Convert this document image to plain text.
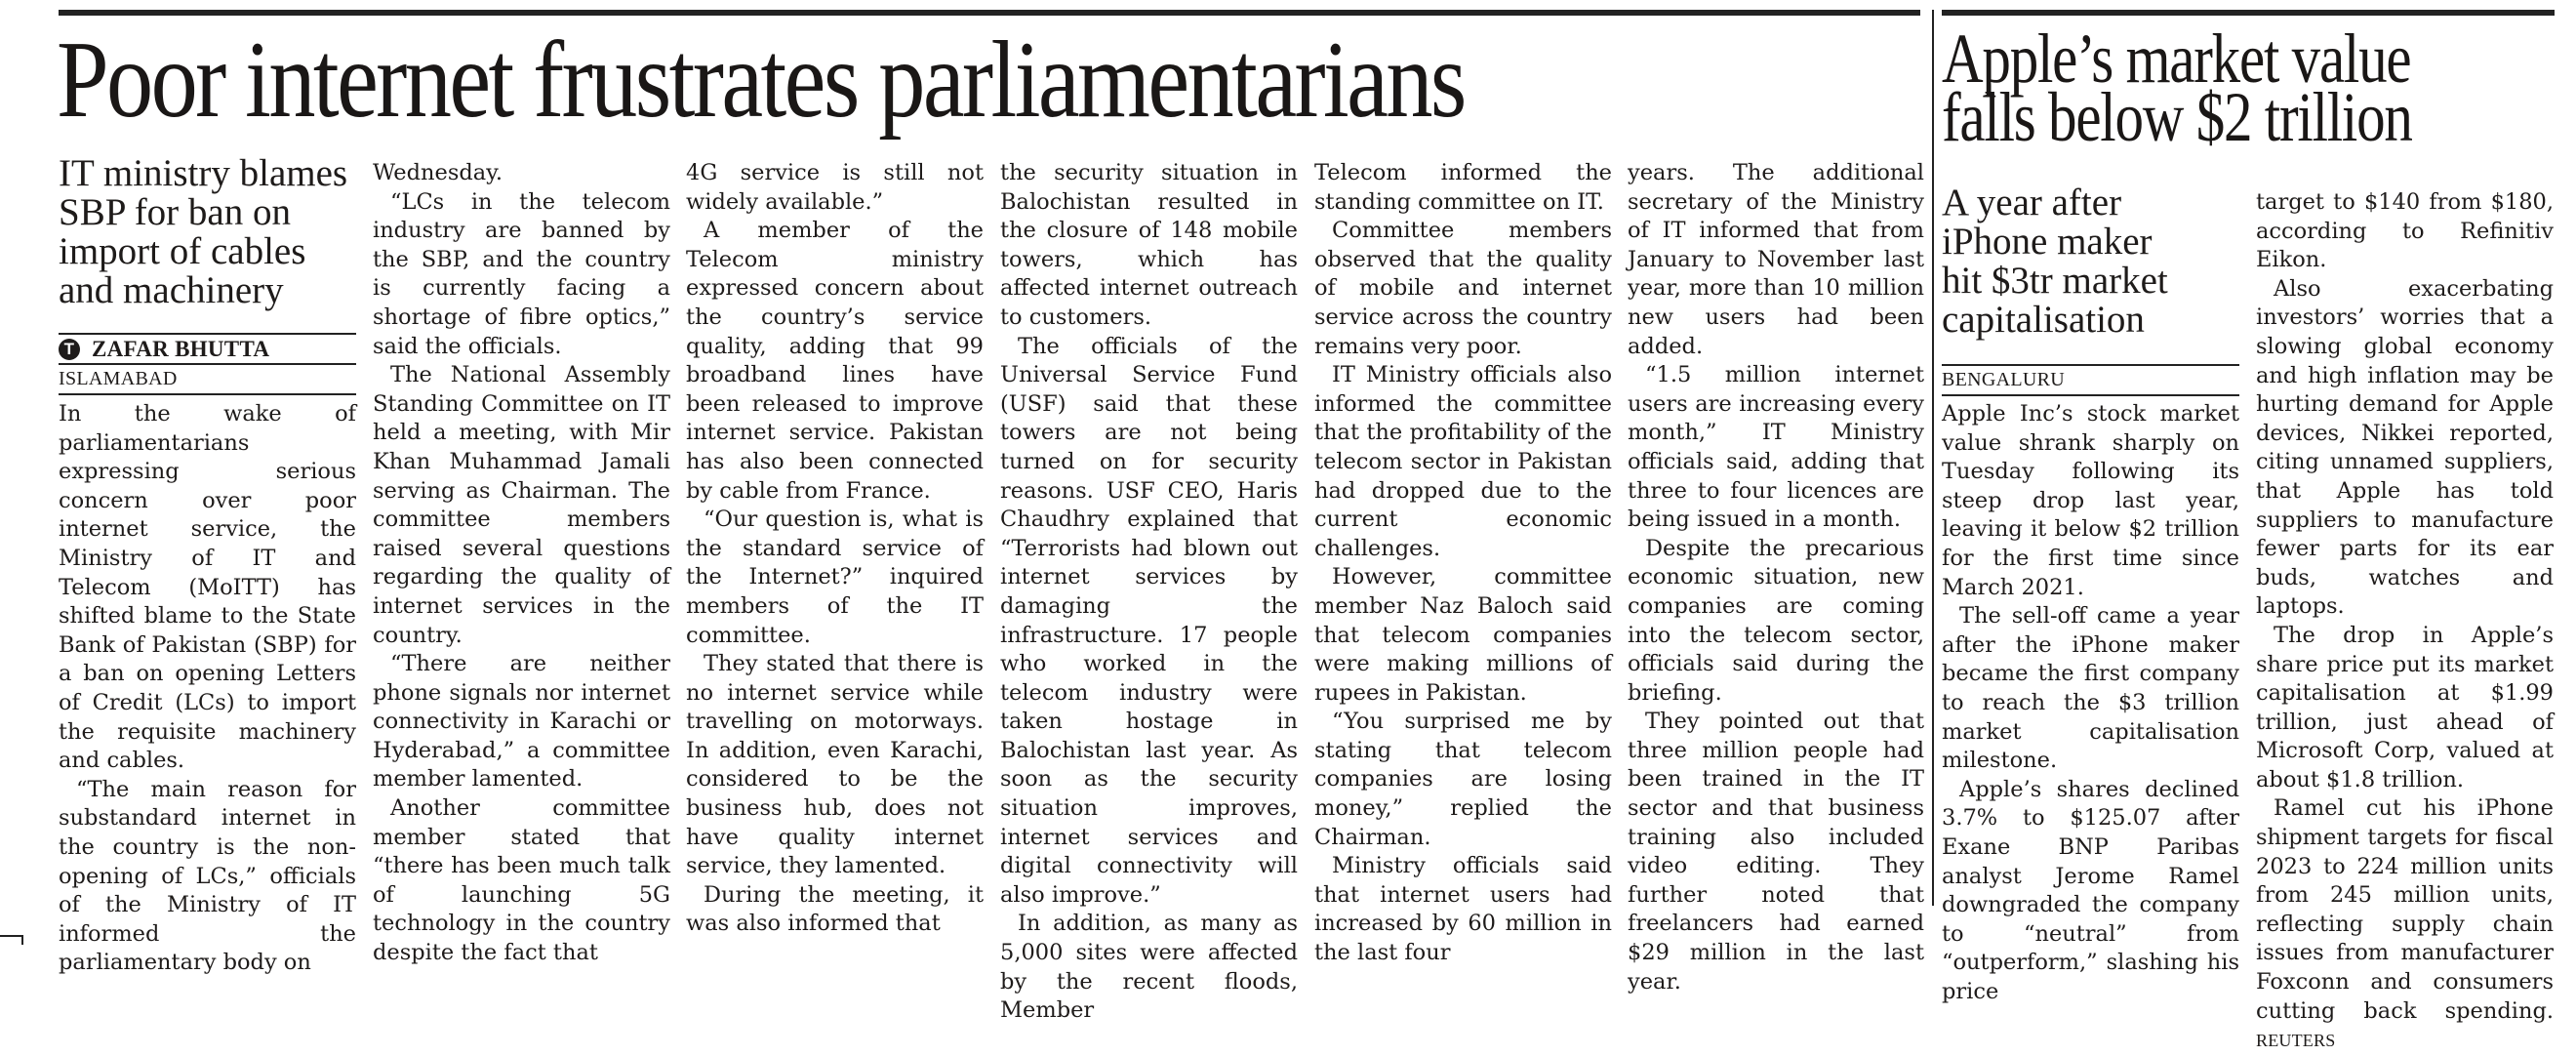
Poor internet frustrates parliamentarians
IT ministry blames
SBP for ban on
import of cables
and machinery
T ZAFAR BHUTTA
ISLAMABAD

In the wake of parliamentarians expressing serious concern over poor internet service, the Ministry of IT and Telecom (MoITT) has shifted blame to the State Bank of Pakistan (SBP) for a ban on opening Letters of Credit (LCs) to import the requisite machinery and cables.

“The main reason for substandard internet in the country is the non-opening of LCs,” officials of the Ministry of IT informed the parliamentary body on

Wednesday.

“LCs in the telecom industry are banned by the SBP, and the country is currently facing a shortage of fibre optics,” said the officials.

The National Assembly Standing Committee on IT held a meeting, with Mir Khan Muhammad Jamali serving as Chairman. The committee members raised several questions regarding the quality of internet services in the country.

“There are neither phone signals nor internet connectivity in Karachi or Hyderabad,” a committee member lamented.

Another committee member stated that “there has been much talk of launching 5G technology in the country despite the fact that

4G service is still not widely available.”

A member of the Telecom ministry expressed concern about the country’s service quality, adding that 99 broadband lines have been released to improve internet service. Pakistan has also been connected by cable from France.

“Our question is, what is the standard service of the Internet?” inquired members of the IT committee.

They stated that there is no internet service while travelling on motorways. In addition, even Karachi, considered to be the business hub, does not have quality internet service, they lamented.

During the meeting, it was also informed that

the security situation in Balochistan resulted in the closure of 148 mobile towers, which has affected internet outreach to customers.

The officials of the Universal Service Fund (USF) said that these towers are not being turned on for security reasons. USF CEO, Haris Chaudhry explained that “Terrorists had blown out internet services by damaging the infrastructure. 17 people who worked in the telecom industry were taken hostage in Balochistan last year. As soon as the security situation improves, internet services and digital connectivity will also improve.”

In addition, as many as 5,000 sites were affected by the recent floods, Member

Telecom informed the standing committee on IT.

Committee members observed that the quality of mobile and internet service across the country remains very poor.

IT Ministry officials also informed the committee that the profitability of the telecom sector in Pakistan had dropped due to the current economic challenges.

However, committee member Naz Baloch said that telecom companies were making millions of rupees in Pakistan.

“You surprised me by stating that telecom companies are losing money,” replied the Chairman.

Ministry officials said that internet users had increased by 60 million in the last four

years. The additional secretary of the Ministry of IT informed that from January to November last year, more than 10 million new users had been added.

“1.5 million internet users are increasing every month,” IT Ministry officials said, adding that three to four licences are being issued in a month.

Despite the precarious economic situation, new companies are coming into the telecom sector, officials said during the briefing.

They pointed out that three million people had been trained in the IT sector and that business training also included video editing. They further noted that freelancers had earned $29 million in the last year.

Apple’s market value
falls below $2 trillion
A year after
iPhone maker
hit $3tr market
capitalisation
BENGALURU

Apple Inc’s stock market value shrank sharply on Tuesday following its steep drop last year, leaving it below $2 trillion for the first time since March 2021.

The sell-off came a year after the iPhone maker became the first company to reach the $3 trillion market capitalisation milestone.

Apple’s shares declined 3.7% to $125.07 after Exane BNP Paribas analyst Jerome Ramel downgraded the company to “neutral” from “outperform,” slashing his price

target to $140 from $180, according to Refinitiv Eikon.

Also exacerbating investors’ worries that a slowing global economy and high inflation may be hurting demand for Apple devices, Nikkei reported, citing unnamed suppliers, that Apple has told suppliers to manufacture fewer parts for its ear buds, watches and laptops.

The drop in Apple’s share price put its market capitalisation at $1.99 trillion, just ahead of Microsoft Corp, valued at about $1.8 trillion.

Ramel cut his iPhone shipment targets for fiscal 2023 to 224 million units from 245 million units, reflecting supply chain issues from manufacturer Foxconn and consumers cutting back spending. REUTERS
